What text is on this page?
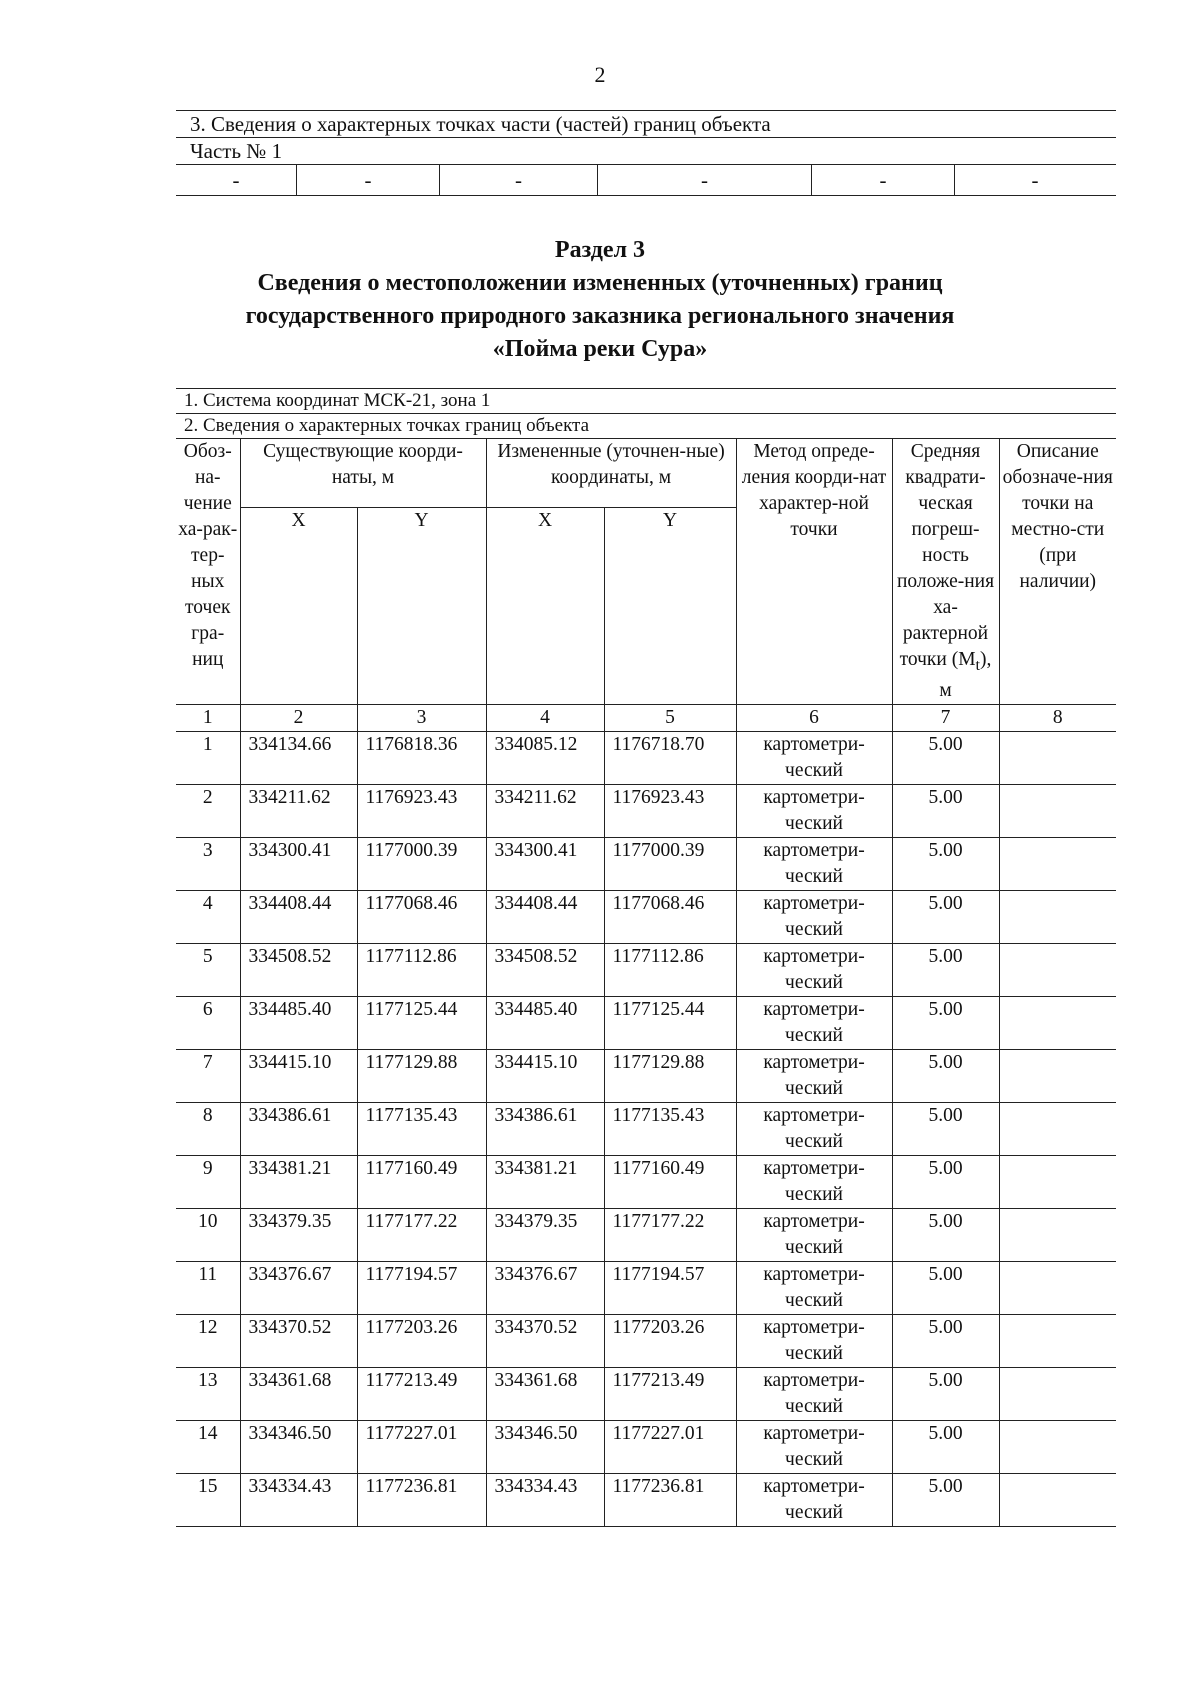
2
3. Сведения о характерных точках части (частей) границ объекта
Часть № 1
-	-	-	-	-	-
Раздел 3
Сведения о местоположении измененных (уточненных) границ
государственного природного заказника регионального значения
«Пойма реки Сура»
1. Система координат МСК-21, зона 1
2. Сведения о характерных точках границ объекта
Обоз-на-чение ха-рак-тер-ных точек гра-ниц	Существующие коорди-наты, м		Измененные (уточнен-ные) координаты, м		Метод опреде-ления коорди-нат характер-ной точки	Средняя квадрати-ческая погреш-ность положе-ния ха-рактерной точки $(M_t)$, м	Описание обозначе-ния точки на местно-сти (при наличии)
	X	Y	X	Y			
1	2	3	4	5	6	7	8
1	334134.66	1176818.36	334085.12	1176718.70	картометри-ческий	5.00	
2	334211.62	1176923.43	334211.62	1176923.43	картометри-ческий	5.00	
3	334300.41	1177000.39	334300.41	1177000.39	картометри-ческий	5.00	
4	334408.44	1177068.46	334408.44	1177068.46	картометри-ческий	5.00	
5	334508.52	1177112.86	334508.52	1177112.86	картометри-ческий	5.00	
6	334485.40	1177125.44	334485.40	1177125.44	картометри-ческий	5.00	
7	334415.10	1177129.88	334415.10	1177129.88	картометри-ческий	5.00	
8	334386.61	1177135.43	334386.61	1177135.43	картометри-ческий	5.00	
9	334381.21	1177160.49	334381.21	1177160.49	картометри-ческий	5.00	
10	334379.35	1177177.22	334379.35	1177177.22	картометри-ческий	5.00	
11	334376.67	1177194.57	334376.67	1177194.57	картометри-ческий	5.00	
12	334370.52	1177203.26	334370.52	1177203.26	картометри-ческий	5.00	
13	334361.68	1177213.49	334361.68	1177213.49	картометри-ческий	5.00	
14	334346.50	1177227.01	334346.50	1177227.01	картометри-ческий	5.00	
15	334334.43	1177236.81	334334.43	1177236.81	картометри-ческий	5.00	
